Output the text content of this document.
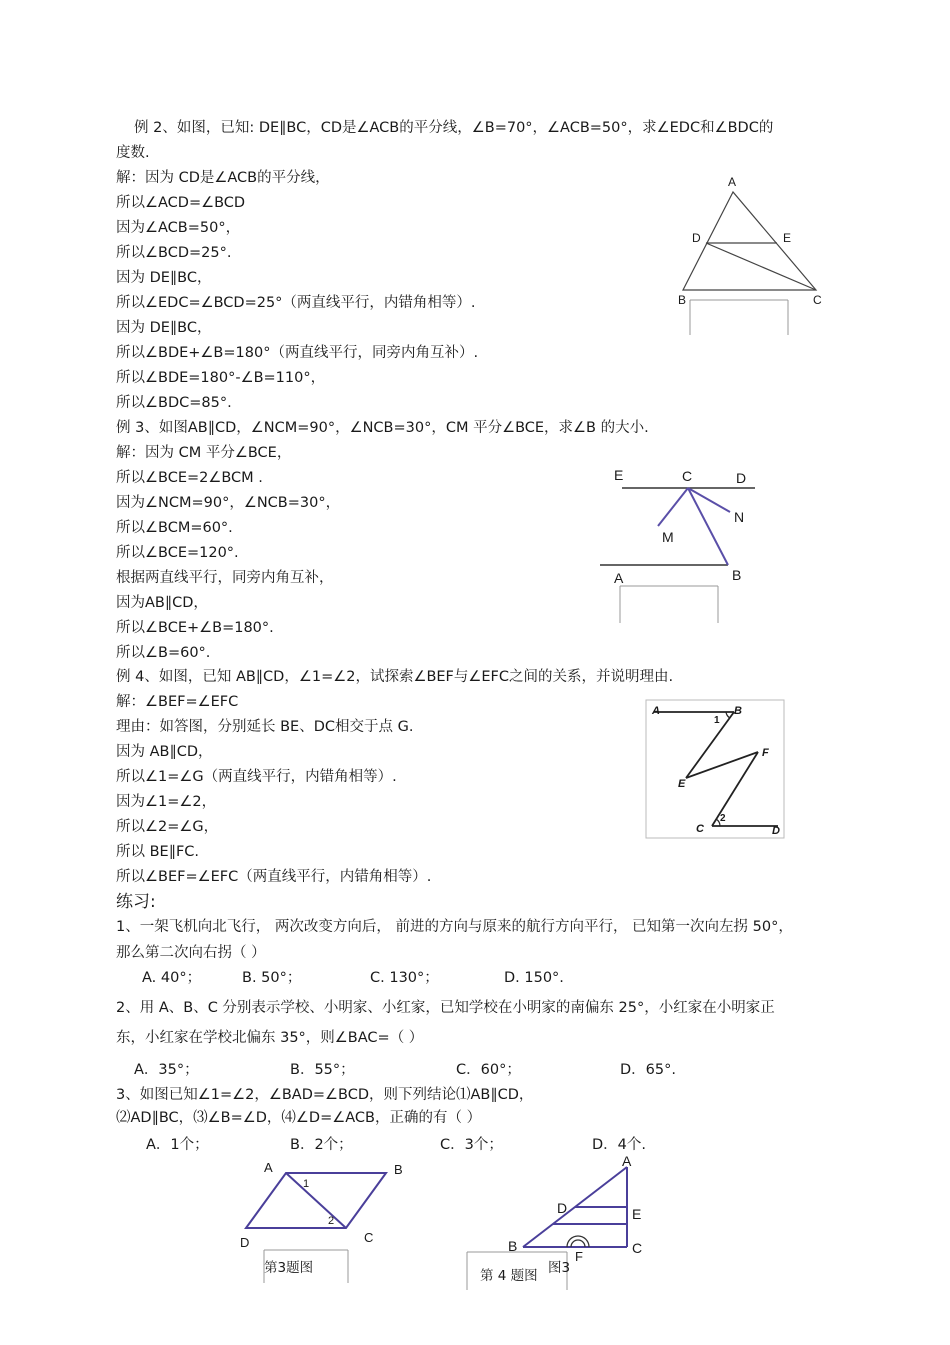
例 2、如图，已知: DE∥BC，CD是∠ACB的平分线，∠B=70°，∠ACB=50°，求∠EDC和∠BDC的
度数.
解：因为 CD是∠ACB的平分线，
所以∠ACD=∠BCD
因为∠ACB=50°，
所以∠BCD=25°.
因为 DE∥BC，
所以∠EDC=∠BCD=25°（两直线平行，内错角相等）.
因为 DE∥BC，
所以∠BDE+∠B=180°（两直线平行，同旁内角互补）.
所以∠BDE=180°-∠B=110°，
所以∠BDC=85°.
A
D	E
B	C
例 3、如图AB∥CD，∠NCM=90°，∠NCB=30°，CM 平分∠BCE，求∠B 的大小.
解：因为 CM 平分∠BCE，
所以∠BCE=2∠BCM .
因为∠NCM=90°，∠NCB=30°，
所以∠BCM=60°.
所以∠BCE=120°.
根据两直线平行，同旁内角互补，
因为AB∥CD，
所以∠BCE+∠B=180°.
所以∠B=60°.
E	C	D
N
M
A	B
例 4、如图，已知 AB∥CD，∠1=∠2，试探索∠BEF与∠EFC之间的关系，并说明理由.
解：∠BEF=∠EFC
理由：如答图，分别延长 BE、DC相交于点 G.
因为 AB∥CD，
所以∠1=∠G（两直线平行，内错角相等）.
因为∠1=∠2，
所以∠2=∠G，
所以 BE∥FC.
所以∠BEF=∠EFC（两直线平行，内错角相等）.
A	B
1
F
E
C
2
D
练习:
1、一架飞机向北飞行， 两次改变方向后， 前进的方向与原来的航行方向平行， 已知第一次向左拐 50°，
那么第二次向右拐（ ）
A. 40°；	B. 50°；	C. 130°；	D. 150°.
2、用 A、B、C 分别表示学校、小明家、小红家，已知学校在小明家的南偏东 25°，小红家在小明家正
东，小红家在学校北偏东 35°，则∠BAC=（ ）
A．35°；	B．55°；	C．60°；	D．65°.
3、如图已知∠1=∠2，∠BAD=∠BCD，则下列结论⑴AB∥CD，
⑵AD∥BC，⑶∠B=∠D，⑷∠D=∠ACB，正确的有（ ）
A．1个；	B．2个；	C．3个；	D．4个.
A	B
1
2
D	C
第3题图
A
D	E
B	C
F
第 4 题图 图3
